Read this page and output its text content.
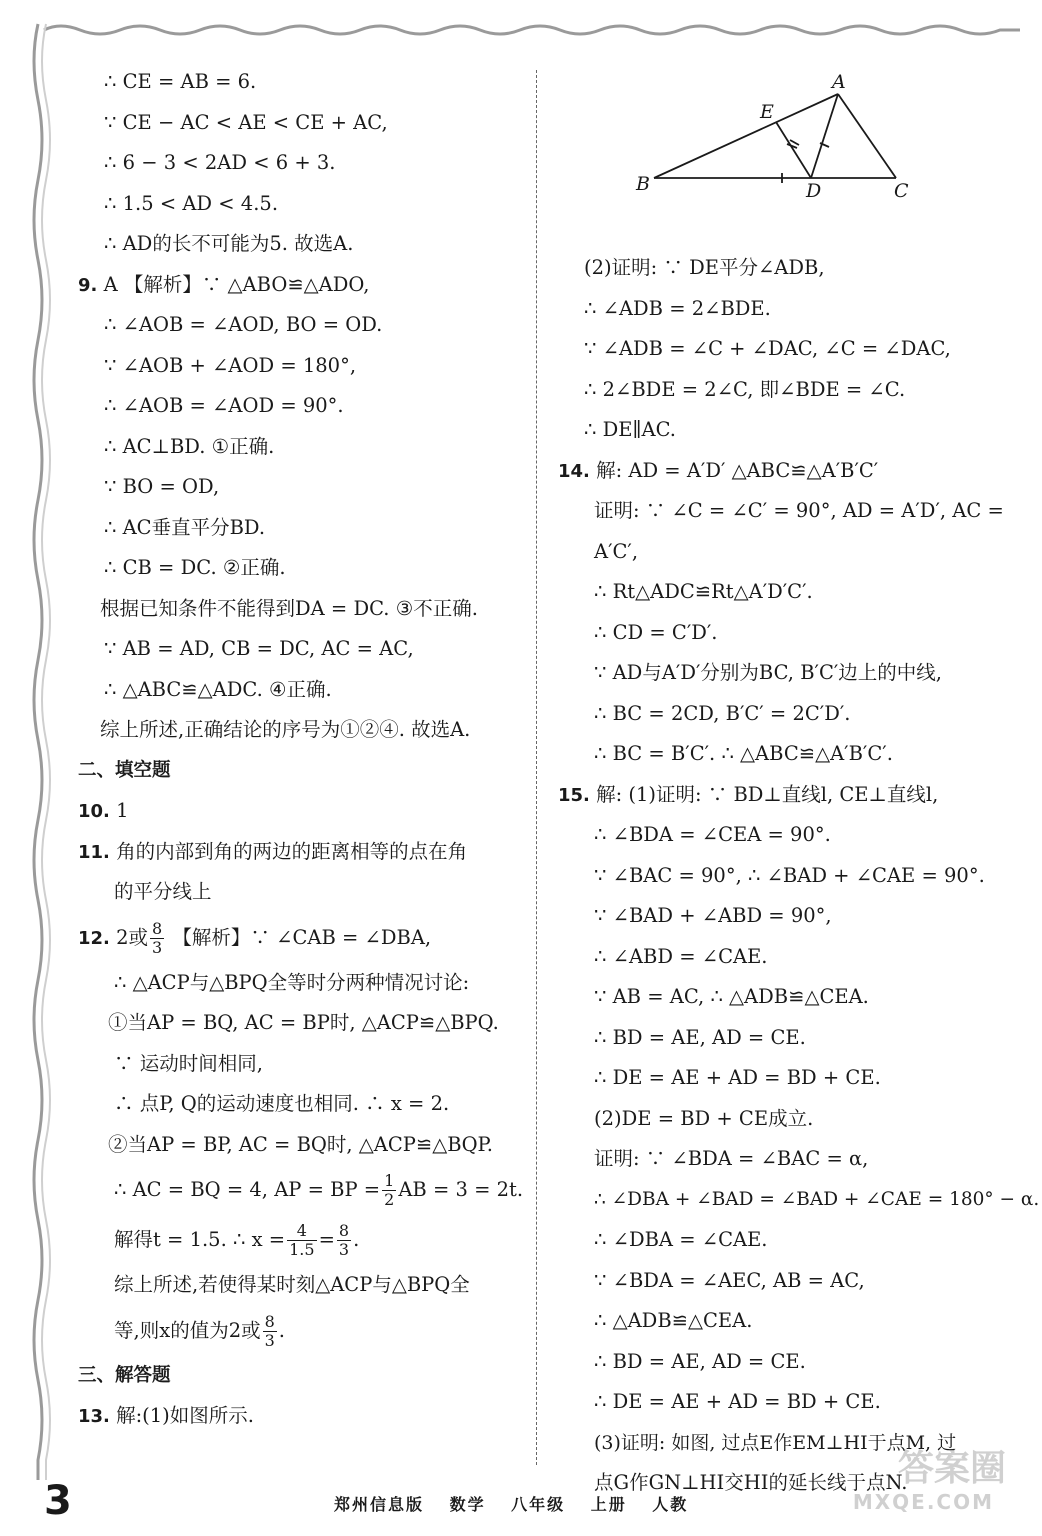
∴ CE = AB = 6.
∵ CE − AC < AE < CE + AC,
∴ 6 − 3 < 2AD < 6 + 3.
∴ 1.5 < AD < 4.5.
∴ AD的长不可能为5. 故选A.
9. A 【解析】∵ △ABO≌△ADO,
∴ ∠AOB = ∠AOD, BO = OD.
∵ ∠AOB + ∠AOD = 180°,
∴ ∠AOB = ∠AOD = 90°.
∴ AC⊥BD. ①正确.
∵ BO = OD,
∴ AC垂直平分BD.
∴ CB = DC. ②正确.
根据已知条件不能得到DA = DC. ③不正确.
∵ AB = AD, CB = DC, AC = AC,
∴ △ABC≌△ADC. ④正确.
综上所述,正确结论的序号为①②④. 故选A.
二、填空题
10. 1
11. 角的内部到角的两边的距离相等的点在角
的平分线上
12. 2或 $\frac{8}{3}$ 【解析】∵ ∠CAB = ∠DBA,
∴ △ACP与△BPQ全等时分两种情况讨论:
①当AP = BQ, AC = BP时, △ACP≌△BPQ.
∵ 运动时间相同,
∴ 点P, Q的运动速度也相同. ∴ x = 2.
②当AP = BP, AC = BQ时, △ACP≌△BQP.
∴ AC = BQ = 4, AP = BP = $\frac{1}{2}$ AB = 3 = 2t.
解得t = 1.5. ∴ $x = \frac{4}{1.5} = \frac{8}{3}$ .
综上所述,若使得某时刻△ACP与△BPQ全
等,则x的值为2或 $\frac{8}{3}$ .
三、解答题
13. 解:(1)如图所示.
A
E
B	D	C
(2)证明: ∵ DE平分∠ADB,
∴ ∠ADB = 2∠BDE.
∵ ∠ADB = ∠C + ∠DAC, ∠C = ∠DAC,
∴ 2∠BDE = 2∠C, 即∠BDE = ∠C.
∴ DE∥AC.
14. 解: AD = A′D′ △ABC≌△A′B′C′
证明: ∵ ∠C = ∠C′ = 90°, AD = A′D′, AC =
A′C′,
∴ Rt△ADC≌Rt△A′D′C′.
∴ CD = C′D′.
∵ AD与A′D′分别为BC, B′C′边上的中线,
∴ BC = 2CD, B′C′ = 2C′D′.
∴ BC = B′C′. ∴ △ABC≌△A′B′C′.
15. 解: (1)证明: ∵ BD⊥直线l, CE⊥直线l,
∴ ∠BDA = ∠CEA = 90°.
∵ ∠BAC = 90°, ∴ ∠BAD + ∠CAE = 90°.
∵ ∠BAD + ∠ABD = 90°,
∴ ∠ABD = ∠CAE.
∵ AB = AC, ∴ △ADB≌△CEA.
∴ BD = AE, AD = CE.
∴ DE = AE + AD = BD + CE.
(2)DE = BD + CE成立.
证明: ∵ ∠BDA = ∠BAC = α,
∴ ∠DBA + ∠BAD = ∠BAD + ∠CAE = 180° − α.
∴ ∠DBA = ∠CAE.
∵ ∠BDA = ∠AEC, AB = AC,
∴ △ADB≌△CEA.
∴ BD = AE, AD = CE.
∴ DE = AE + AD = BD + CE.
(3)证明: 如图, 过点E作EM⊥HI于点M, 过
点G作GN⊥HI交HI的延长线于点N.
3	郑州信息版 数学 八年级 上册 人教
答案圈
MXQE.COM
